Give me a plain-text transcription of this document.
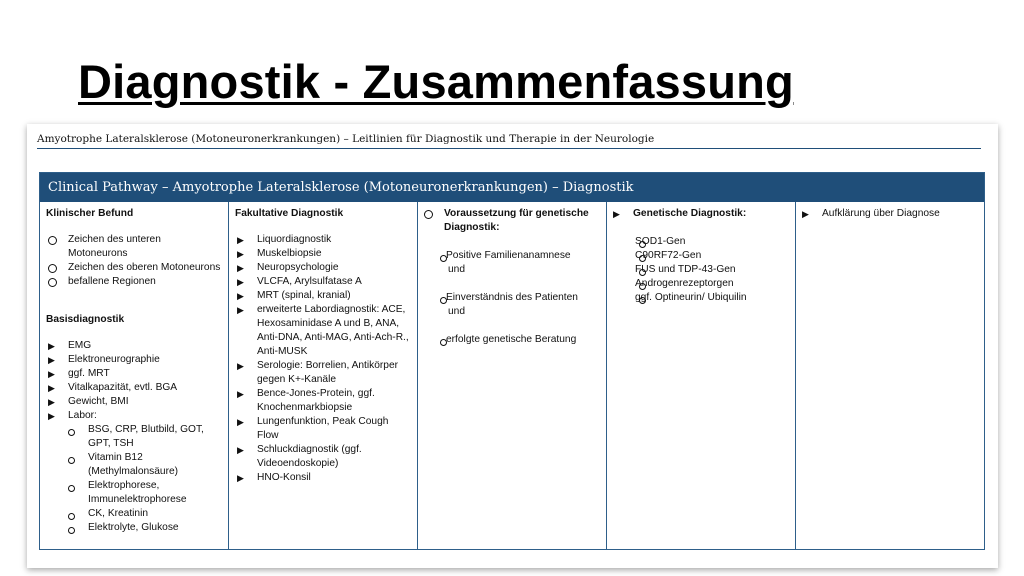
Diagnostik - Zusammenfassung
Amyotrophe Lateralsklerose (Motoneuronerkrankungen) – Leitlinien für Diagnostik und Therapie in der Neurologie
Clinical Pathway – Amyotrophe Lateralsklerose (Motoneuronerkrankungen) – Diagnostik
Klinischer Befund
Zeichen des unteren Motoneurons
Zeichen des oberen Motoneurons
befallene Regionen
Basisdiagnostik
▶ EMG
▶ Elektroneurographie
▶ ggf. MRT
▶ Vitalkapazität, evtl. BGA
▶ Gewicht, BMI
▶ Labor:
BSG, CRP, Blutbild, GOT, GPT, TSH
Vitamin B12 (Methylmalonsäure)
Elektrophorese, Immunelektrophorese
CK, Kreatinin
Elektrolyte, Glukose
Fakultative Diagnostik
▶ Liquordiagnostik
▶ Muskelbiopsie
▶ Neuropsychologie
▶ VLCFA, Arylsulfatase A
▶ MRT (spinal, kranial)
▶ erweiterte Labordiagnostik: ACE, Hexosaminidase A und B, ANA, Anti-DNA, Anti-MAG, Anti-Ach-R., Anti-MUSK
▶ Serologie: Borrelien, Antikörper gegen K+-Kanäle
▶ Bence-Jones-Protein, ggf. Knochenmarkbiopsie
▶ Lungenfunktion, Peak Cough Flow
▶ Schluckdiagnostik (ggf. Videoendoskopie)
▶ HNO-Konsil
Voraussetzung für genetische Diagnostik:
Positive Familienanamnese
und
Einverständnis des Patienten
und
erfolgte genetische Beratung
▶	Genetische Diagnostik:
SOD1-Gen
C90RF72-Gen
FUS und TDP-43-Gen
Androgenrezeptorgen
ggf. Optineurin/ Ubiquilin
▶	Aufklärung über Diagnose
